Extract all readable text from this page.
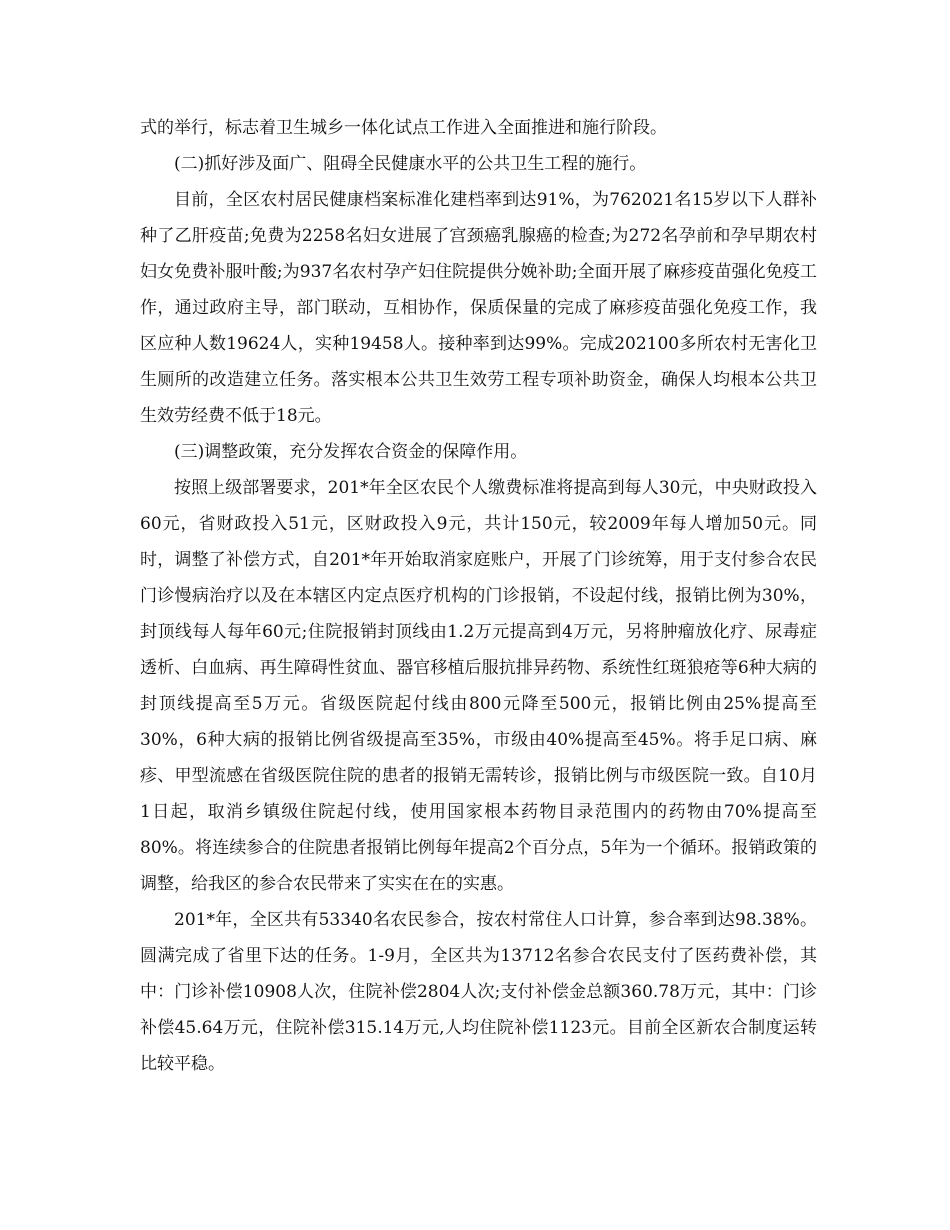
式的举行，标志着卫生城乡一体化试点工作进入全面推进和施行阶段。

(二)抓好涉及面广、阻碍全民健康水平的公共卫生工程的施行。

目前，全区农村居民健康档案标准化建档率到达91%，为762021名15岁以下人群补种了乙肝疫苗;免费为2258名妇女进展了宫颈癌乳腺癌的检查;为272名孕前和孕早期农村妇女免费补服叶酸;为937名农村孕产妇住院提供分娩补助;全面开展了麻疹疫苗强化免疫工作，通过政府主导，部门联动，互相协作，保质保量的完成了麻疹疫苗强化免疫工作，我区应种人数19624人，实种19458人。接种率到达99%。完成202100多所农村无害化卫生厕所的改造建立任务。落实根本公共卫生效劳工程专项补助资金，确保人均根本公共卫生效劳经费不低于18元。

(三)调整政策，充分发挥农合资金的保障作用。

按照上级部署要求，201*年全区农民个人缴费标准将提高到每人30元，中央财政投入60元，省财政投入51元，区财政投入9元，共计150元，较2009年每人增加50元。同时，调整了补偿方式，自201*年开始取消家庭账户，开展了门诊统筹，用于支付参合农民门诊慢病治疗以及在本辖区内定点医疗机构的门诊报销，不设起付线，报销比例为30%，封顶线每人每年60元;住院报销封顶线由1.2万元提高到4万元，另将肿瘤放化疗、尿毒症透析、白血病、再生障碍性贫血、器官移植后服抗排异药物、系统性红斑狼疮等6种大病的封顶线提高至5万元。省级医院起付线由800元降至500元，报销比例由25%提高至30%，6种大病的报销比例省级提高至35%，市级由40%提高至45%。将手足口病、麻疹、甲型流感在省级医院住院的患者的报销无需转诊，报销比例与市级医院一致。自10月1日起，取消乡镇级住院起付线，使用国家根本药物目录范围内的药物由70%提高至80%。将连续参合的住院患者报销比例每年提高2个百分点，5年为一个循环。报销政策的调整，给我区的参合农民带来了实实在在的实惠。

201*年，全区共有53340名农民参合，按农村常住人口计算，参合率到达98.38%。圆满完成了省里下达的任务。1-9月，全区共为13712名参合农民支付了医药费补偿，其中：门诊补偿10908人次，住院补偿2804人次;支付补偿金总额360.78万元，其中：门诊补偿45.64万元，住院补偿315.14万元,人均住院补偿1123元。目前全区新农合制度运转比较平稳。
